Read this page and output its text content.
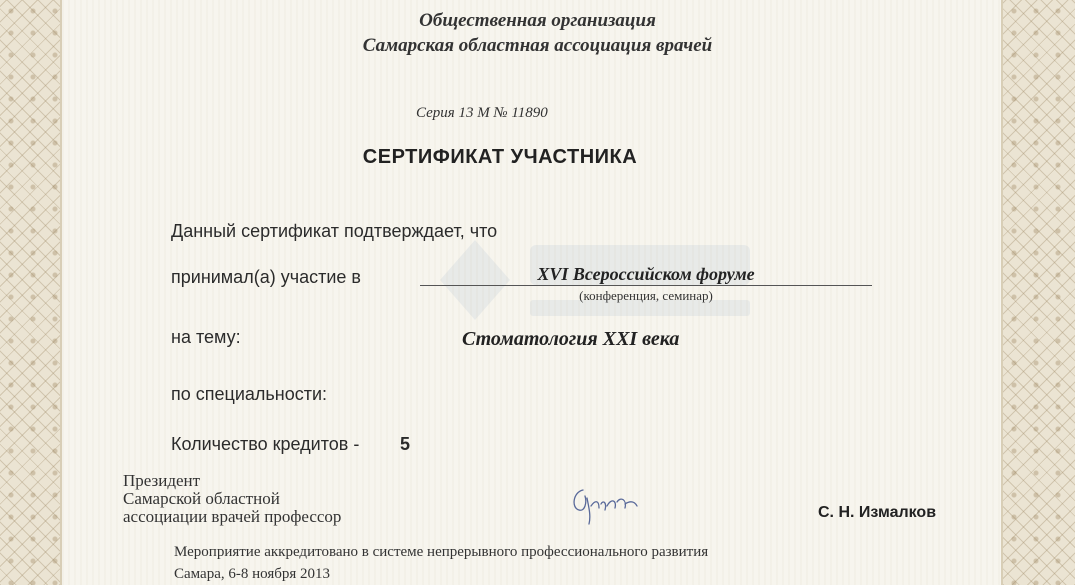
Общественная организация
Самарская областная ассоциация врачей
Серия 13 М № 11890
СЕРТИФИКАТ УЧАСТНИКА
Данный сертификат подтверждает, что
принимал(а) участие в	XVI Всероссийском форуме
(конференция, семинар)
на тему:	Стоматология XXI века
по специальности:
Количество кредитов - 5
Президент
Самарской областной
ассоциации врачей профессор	С. Н. Измалков
Мероприятие аккредитовано в системе непрерывного профессионального развития
Самара, 6-8 ноября 2013
